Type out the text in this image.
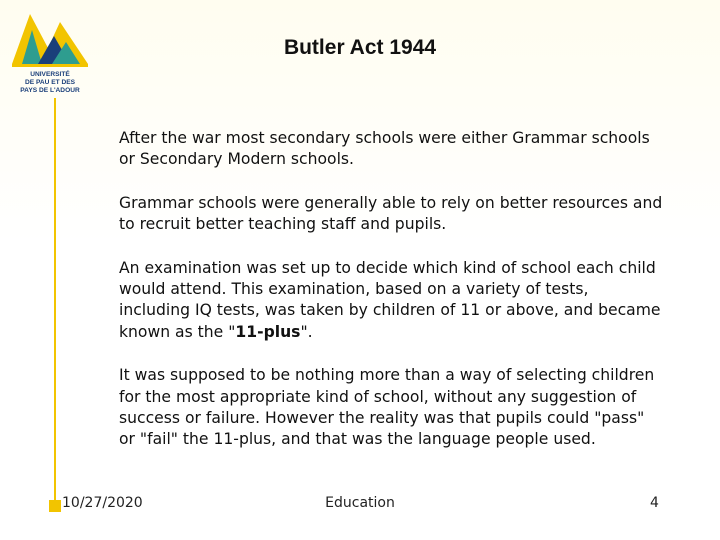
UNIVERSITÉ
DE PAU ET DES
PAYS DE L'ADOUR
Butler Act 1944

After the war most secondary schools were either Grammar schools or Secondary Modern schools.

Grammar schools were generally able to rely on better resources and to recruit better teaching staff and pupils.

An examination was set up to decide which kind of school each child would attend. This examination, based on a variety of tests, including IQ tests, was taken by children of 11 or above, and became known as the "11-plus".

It was supposed to be nothing more than a way of selecting children for the most appropriate kind of school, without any suggestion of success or failure. However the reality was that pupils could "pass" or "fail" the 11-plus, and that was the language people used.

10/27/2020	Education	4
